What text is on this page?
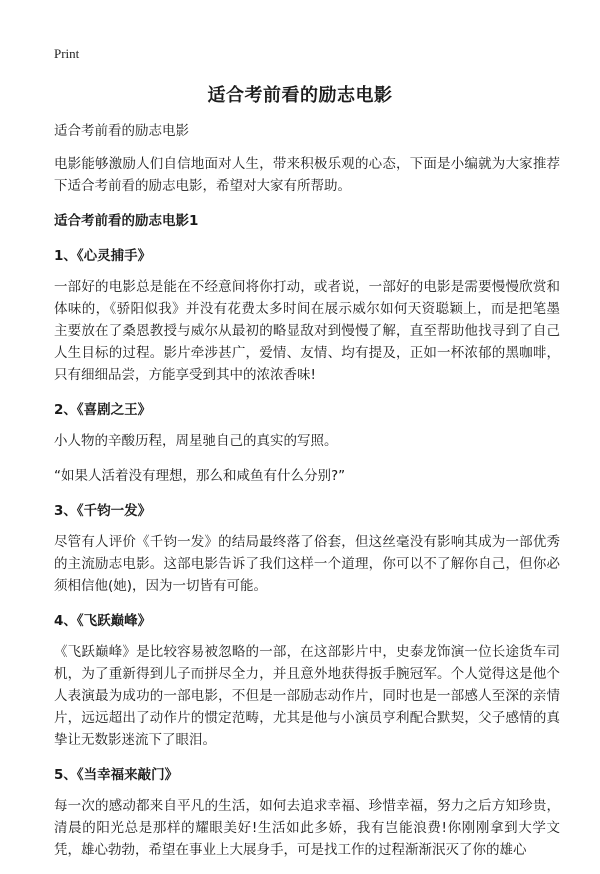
Print
适合考前看的励志电影

适合考前看的励志电影

电影能够激励人们自信地面对人生，带来积极乐观的心态，下面是小编就为大家推荐下适合考前看的励志电影，希望对大家有所帮助。

适合考前看的励志电影1
1、《心灵捕手》

一部好的电影总是能在不经意间将你打动，或者说，一部好的电影是需要慢慢欣赏和体味的，《骄阳似我》并没有花费太多时间在展示威尔如何天资聪颖上，而是把笔墨主要放在了桑恩教授与威尔从最初的略显敌对到慢慢了解，直至帮助他找寻到了自己人生目标的过程。影片牵涉甚广，爱情、友情、均有提及，正如一杯浓郁的黑咖啡，只有细细品尝，方能享受到其中的浓浓香味!

2、《喜剧之王》

小人物的辛酸历程，周星驰自己的真实的写照。

“如果人活着没有理想，那么和咸鱼有什么分别?”

3、《千钧一发》

尽管有人评价《千钧一发》的结局最终落了俗套，但这丝毫没有影响其成为一部优秀的主流励志电影。这部电影告诉了我们这样一个道理，你可以不了解你自己，但你必须相信他(她)，因为一切皆有可能。

4、《飞跃巅峰》

《飞跃巅峰》是比较容易被忽略的一部，在这部影片中，史泰龙饰演一位长途货车司机，为了重新得到儿子而拼尽全力，并且意外地获得扳手腕冠军。个人觉得这是他个人表演最为成功的一部电影，不但是一部励志动作片，同时也是一部感人至深的亲情片，远远超出了动作片的惯定范畴，尤其是他与小演员亨利配合默契，父子感情的真挚让无数影迷流下了眼泪。

5、《当幸福来敲门》

每一次的感动都来自平凡的生活，如何去追求幸福、珍惜幸福，努力之后方知珍贵，清晨的阳光总是那样的耀眼美好!生活如此多娇，我有岂能浪费!你刚刚拿到大学文凭，雄心勃勃，希望在事业上大展身手，可是找工作的过程渐渐泯灭了你的雄心
